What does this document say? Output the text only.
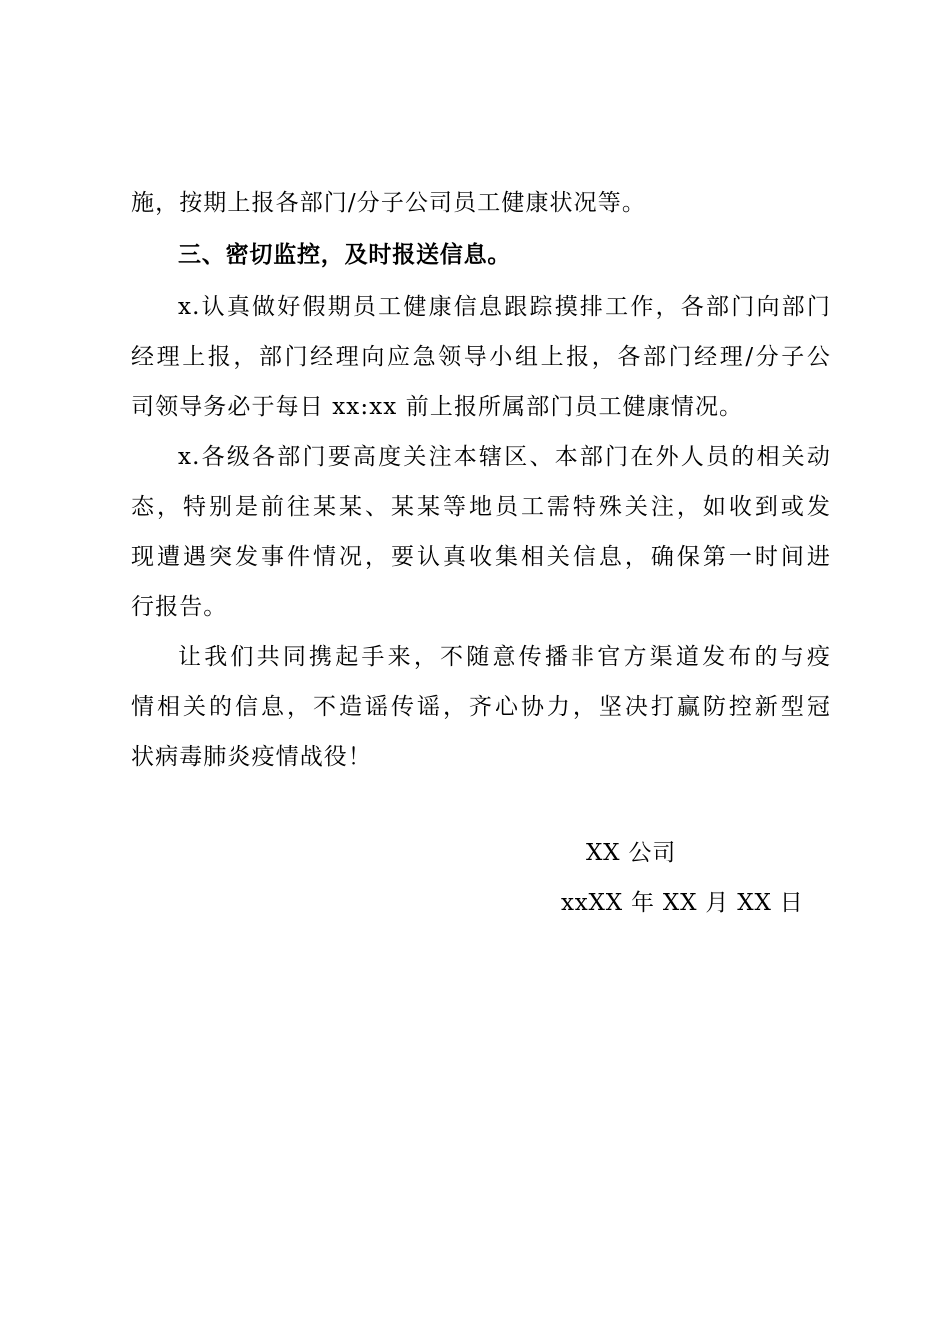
施，按期上报各部门/分子公司员工健康状况等。
三、密切监控，及时报送信息。
x.认真做好假期员工健康信息跟踪摸排工作，各部门向部门
经理上报，部门经理向应急领导小组上报，各部门经理/分子公
司领导务必于每日 xx:xx 前上报所属部门员工健康情况。
x.各级各部门要高度关注本辖区、本部门在外人员的相关动
态，特别是前往某某、某某等地员工需特殊关注，如收到或发
现遭遇突发事件情况，要认真收集相关信息，确保第一时间进
行报告。
让我们共同携起手来，不随意传播非官方渠道发布的与疫
情相关的信息，不造谣传谣，齐心协力，坚决打赢防控新型冠
状病毒肺炎疫情战役！
XX 公司
xxXX 年 XX 月 XX 日
